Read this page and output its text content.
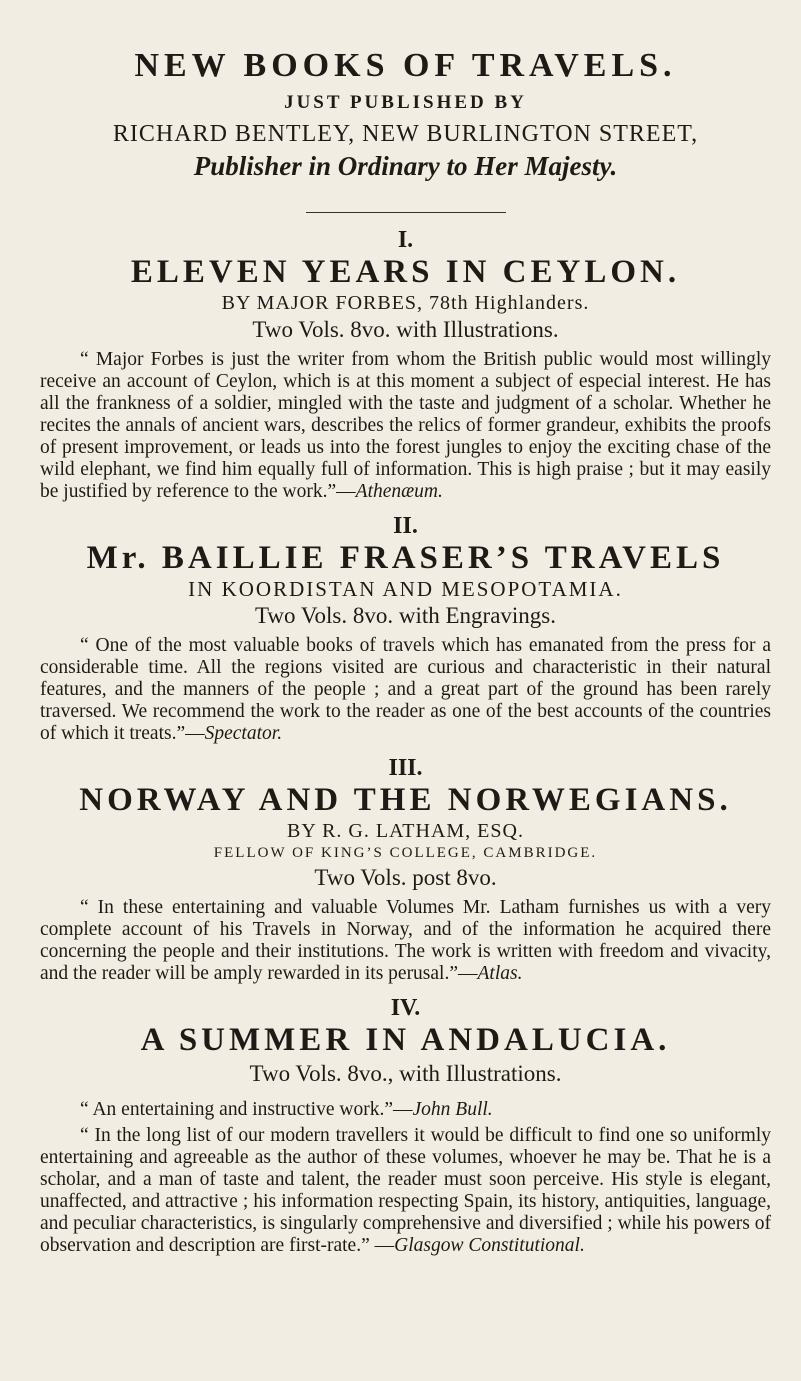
NEW BOOKS OF TRAVELS.
JUST PUBLISHED BY
RICHARD BENTLEY, NEW BURLINGTON STREET,
Publisher in Ordinary to Her Majesty.
I.
ELEVEN YEARS IN CEYLON.
BY MAJOR FORBES, 78th Highlanders.
Two Vols. 8vo. with Illustrations.

“ Major Forbes is just the writer from whom the British public would most willingly receive an account of Ceylon, which is at this moment a subject of especial interest. He has all the frankness of a soldier, mingled with the taste and judgment of a scholar. Whether he recites the annals of ancient wars, describes the relics of former grandeur, exhibits the proofs of present improvement, or leads us into the forest jungles to enjoy the exciting chase of the wild elephant, we find him equally full of information. This is high praise ; but it may easily be justified by reference to the work.”—Athenæum.

II.
Mr. BAILLIE FRASER’S TRAVELS
IN KOORDISTAN AND MESOPOTAMIA.
Two Vols. 8vo. with Engravings.

“ One of the most valuable books of travels which has emanated from the press for a considerable time. All the regions visited are curious and characteristic in their natural features, and the manners of the people ; and a great part of the ground has been rarely traversed. We recommend the work to the reader as one of the best accounts of the countries of which it treats.”—Spectator.

III.
NORWAY AND THE NORWEGIANS.
BY R. G. LATHAM, ESQ.
FELLOW OF KING’S COLLEGE, CAMBRIDGE.
Two Vols. post 8vo.

“ In these entertaining and valuable Volumes Mr. Latham furnishes us with a very complete account of his Travels in Norway, and of the information he acquired there concerning the people and their institutions. The work is written with freedom and vivacity, and the reader will be amply rewarded in its perusal.”—Atlas.

IV.
A SUMMER IN ANDALUCIA.
Two Vols. 8vo., with Illustrations.

“ An entertaining and instructive work.”—John Bull.

“ In the long list of our modern travellers it would be difficult to find one so uniformly entertaining and agreeable as the author of these volumes, whoever he may be. That he is a scholar, and a man of taste and talent, the reader must soon perceive. His style is elegant, unaffected, and attractive ; his information respecting Spain, its history, antiquities, language, and peculiar characteristics, is singularly comprehensive and diversified ; while his powers of observation and description are first-rate.” —Glasgow Constitutional.
